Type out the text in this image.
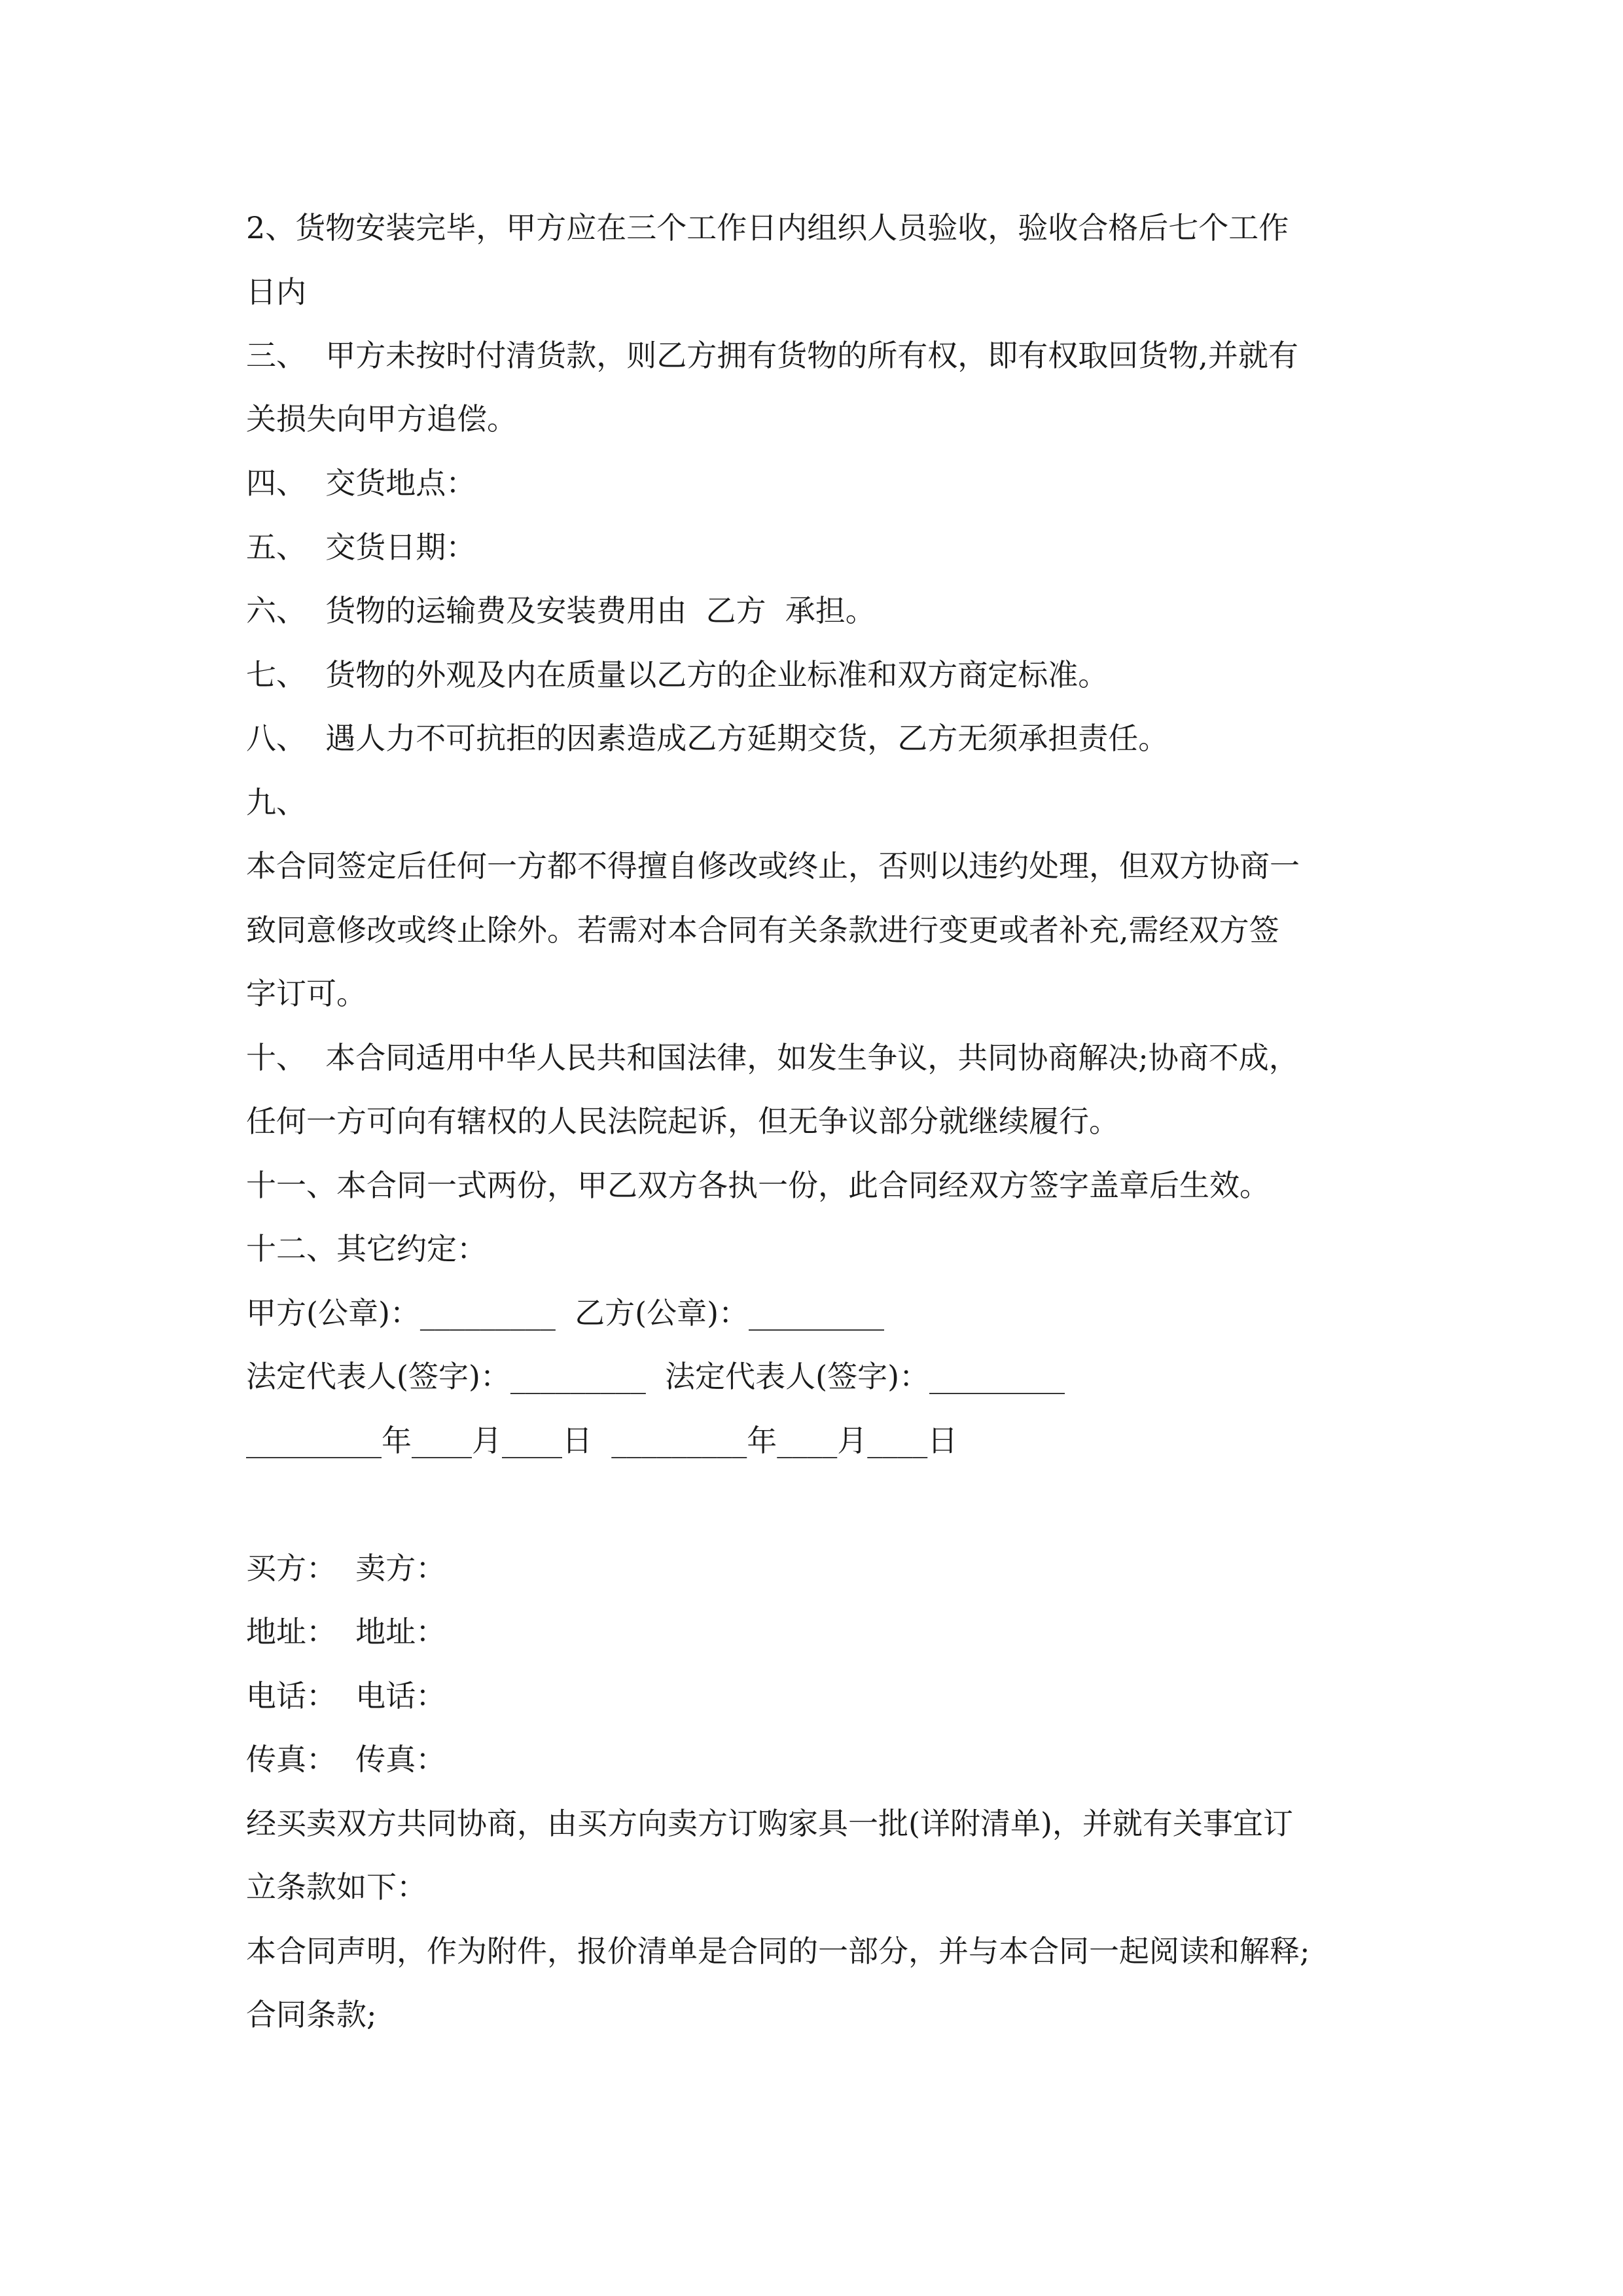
2、货物安装完毕，甲方应在三个工作日内组织人员验收，验收合格后七个工作
日内
三、  甲方未按时付清货款，则乙方拥有货物的所有权，即有权取回货物,并就有
关损失向甲方追偿。
四、  交货地点：
五、  交货日期：
六、  货物的运输费及安装费用由  乙方  承担。
七、  货物的外观及内在质量以乙方的企业标准和双方商定标准。
八、  遇人力不可抗拒的因素造成乙方延期交货，乙方无须承担责任。
九、
本合同签定后任何一方都不得擅自修改或终止，否则以违约处理，但双方协商一
致同意修改或终止除外。若需对本合同有关条款进行变更或者补充,需经双方签
字订可。
十、  本合同适用中华人民共和国法律，如发生争议，共同协商解决;协商不成，
任何一方可向有辖权的人民法院起诉，但无争议部分就继续履行。
十一、本合同一式两份，甲乙双方各执一份，此合同经双方签字盖章后生效。
十二、其它约定：
甲方(公章)：_________  乙方(公章)：_________
法定代表人(签字)：_________  法定代表人(签字)：_________
_________年____月____日  _________年____月____日
买方：  卖方：
地址：  地址：
电话：  电话：
传真：  传真：
经买卖双方共同协商，由买方向卖方订购家具一批(详附清单)，并就有关事宜订
立条款如下：
本合同声明，作为附件，报价清单是合同的一部分，并与本合同一起阅读和解释;
合同条款;
